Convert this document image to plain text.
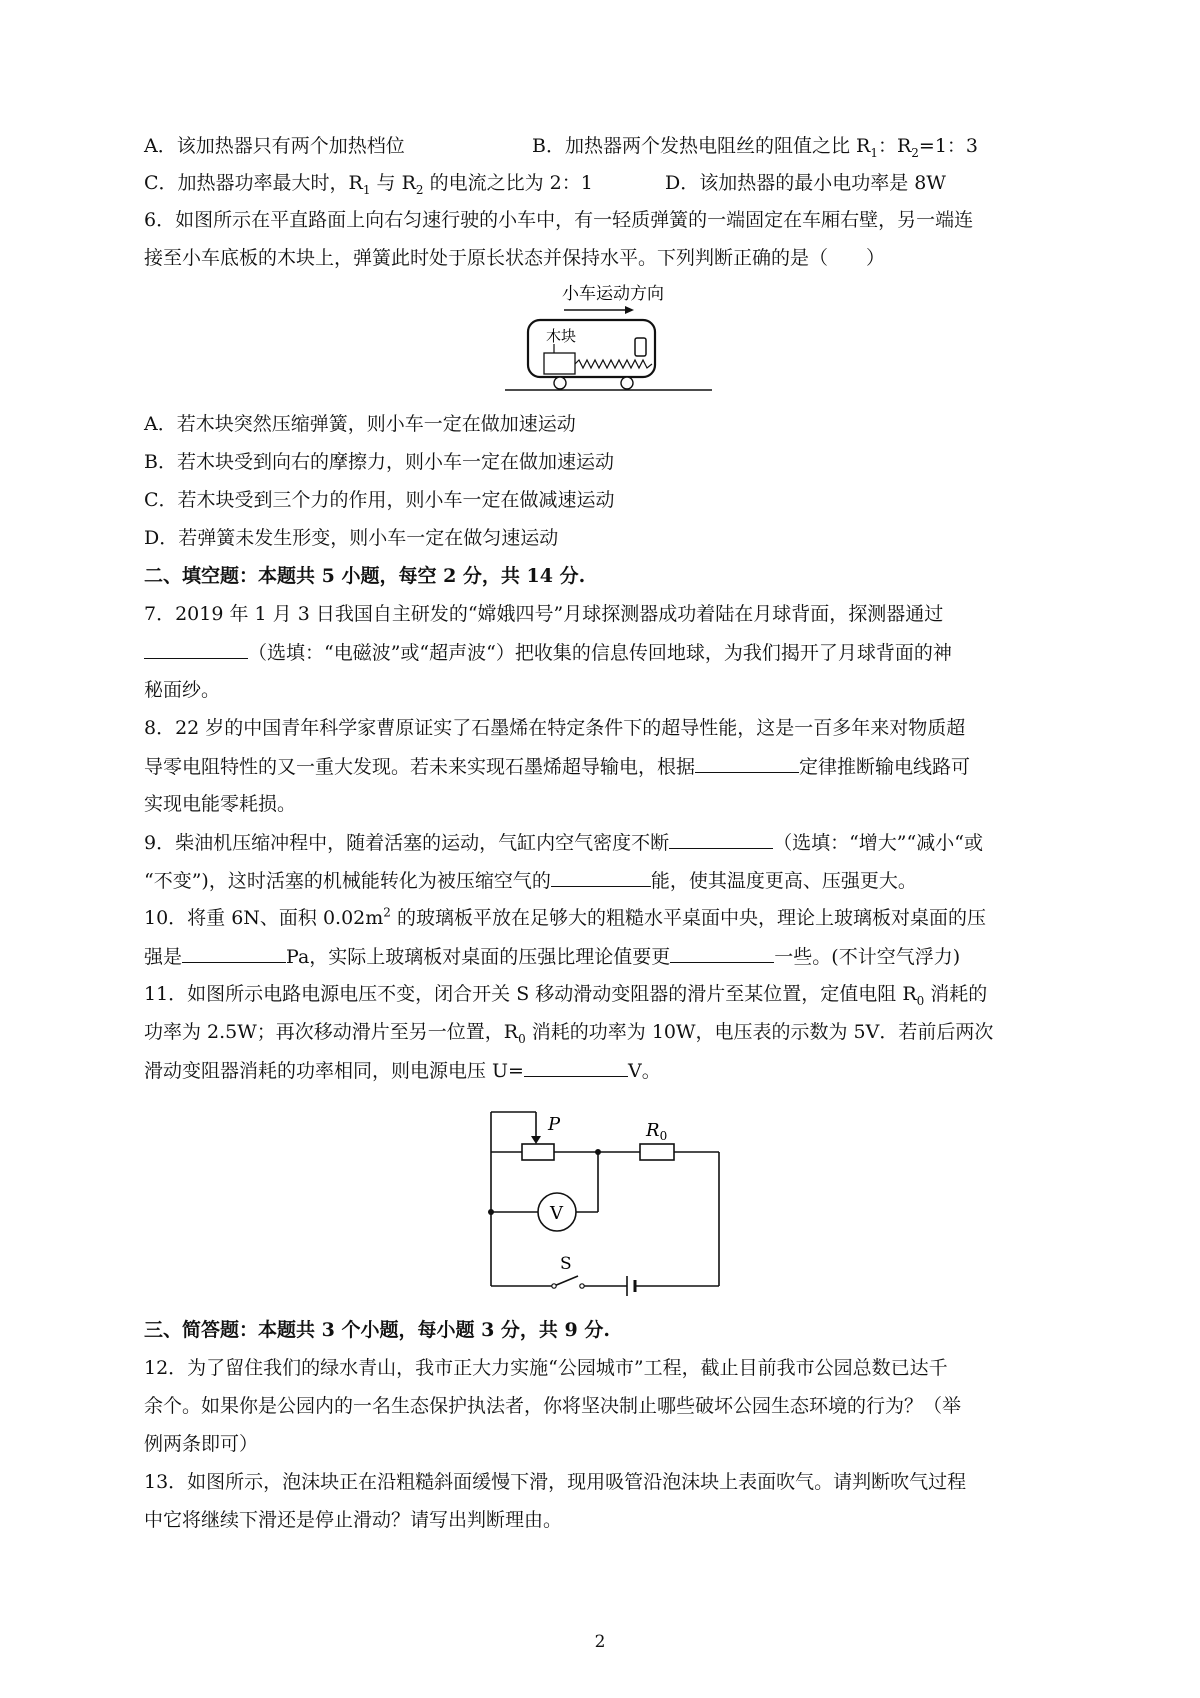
A．该加热器只有两个加热档位	B．加热器两个发热电阻丝的阻值之比 $R_1$：$R_2=1$：3
C．加热器功率最大时，$R_1$ 与 $R_2$ 的电流之比为 2：1	D．该加热器的最小电功率是 8W
6．如图所示在平直路面上向右匀速行驶的小车中，有一轻质弹簧的一端固定在车厢右壁，另一端连
接至小车底板的木块上，弹簧此时处于原长状态并保持水平。下列判断正确的是（　　）
小车运动方向
木块
A．若木块突然压缩弹簧，则小车一定在做加速运动
B．若木块受到向右的摩擦力，则小车一定在做加速运动
C．若木块受到三个力的作用，则小车一定在做减速运动
D．若弹簧未发生形变，则小车一定在做匀速运动
二、填空题：本题共 5 小题，每空 2 分，共 14 分.
7．2019 年 1 月 3 日我国自主研发的“嫦娥四号”月球探测器成功着陆在月球背面，探测器通过
（选填：“电磁波”或“超声波“）把收集的信息传回地球，为我们揭开了月球背面的神
秘面纱。
8．22 岁的中国青年科学家曹原证实了石墨烯在特定条件下的超导性能，这是一百多年来对物质超
导零电阻特性的又一重大发现。若未来实现石墨烯超导输电，根据	定律推断输电线路可
实现电能零耗损。
9．柴油机压缩冲程中，随着活塞的运动，气缸内空气密度不断	（选填：“增大”“减小“或
“不变”)，这时活塞的机械能转化为被压缩空气的	能，使其温度更高、压强更大。
10．将重 6N、面积 $0.02m^2$ 的玻璃板平放在足够大的粗糙水平桌面中央，理论上玻璃板对桌面的压
强是	Pa，实际上玻璃板对桌面的压强比理论值要更	一些。(不计空气浮力)
11．如图所示电路电源电压不变，闭合开关 S 移动滑动变阻器的滑片至某位置，定值电阻 $R_0$ 消耗的
功率为 2.5W；再次移动滑片至另一位置，$R_0$ 消耗的功率为 10W，电压表的示数为 5V．若前后两次
滑动变阻器消耗的功率相同，则电源电压 U=	V。
P	$R_0$
V
S
三、简答题：本题共 3 个小题，每小题 3 分，共 9 分.
12．为了留住我们的绿水青山，我市正大力实施“公园城市”工程，截止目前我市公园总数已达千
余个。如果你是公园内的一名生态保护执法者，你将坚决制止哪些破坏公园生态环境的行为？（举
例两条即可）
13．如图所示，泡沫块正在沿粗糙斜面缓慢下滑，现用吸管沿泡沫块上表面吹气。请判断吹气过程
中它将继续下滑还是停止滑动？请写出判断理由。
2
